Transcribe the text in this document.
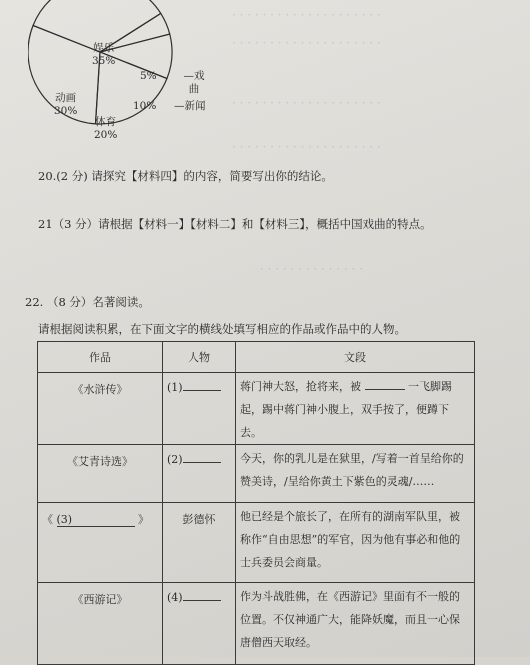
· · · · · · · · · · · · · · · · · · · ·
· · · · · · · · · · · · · · · · · · · ·
· · · · · · · · · · · · · · · · · · · ·
· · · · · · · · · · · · · · · · · · · ·
· · · · · · · · · · · · · ·
娱乐
35%
5%	—戏曲
10% —新闻
体育
20%
动画
30%
20.(2 分) 请探究【材料四】的内容，简要写出你的结论。
21（3 分）请根据【材料一】【材料二】和【材料三】，概括中国戏曲的特点。
22. （8 分）名著阅读。
请根据阅读积累，在下面文字的横线处填写相应的作品或作品中的人物。
作品	人物	文段
《水浒传》	(1)	蒋门神大怒，抢将来，被 一飞脚踢起，踢中蒋门神小腹上，双手按了，便蹲下去。
《艾青诗选》	(2)	今天，你的乳儿是在狱里，/写着一首呈给你的赞美诗，/呈给你黄土下紫色的灵魂/……
《 (3) 》	彭德怀	他已经是个旅长了，在所有的湖南军队里，被称作“自由思想”的军官，因为他有事必和他的士兵委员会商量。
《西游记》	(4)	作为斗战胜佛，在《西游记》里面有不一般的位置。不仅神通广大，能降妖魔，而且一心保唐僧西天取经。
